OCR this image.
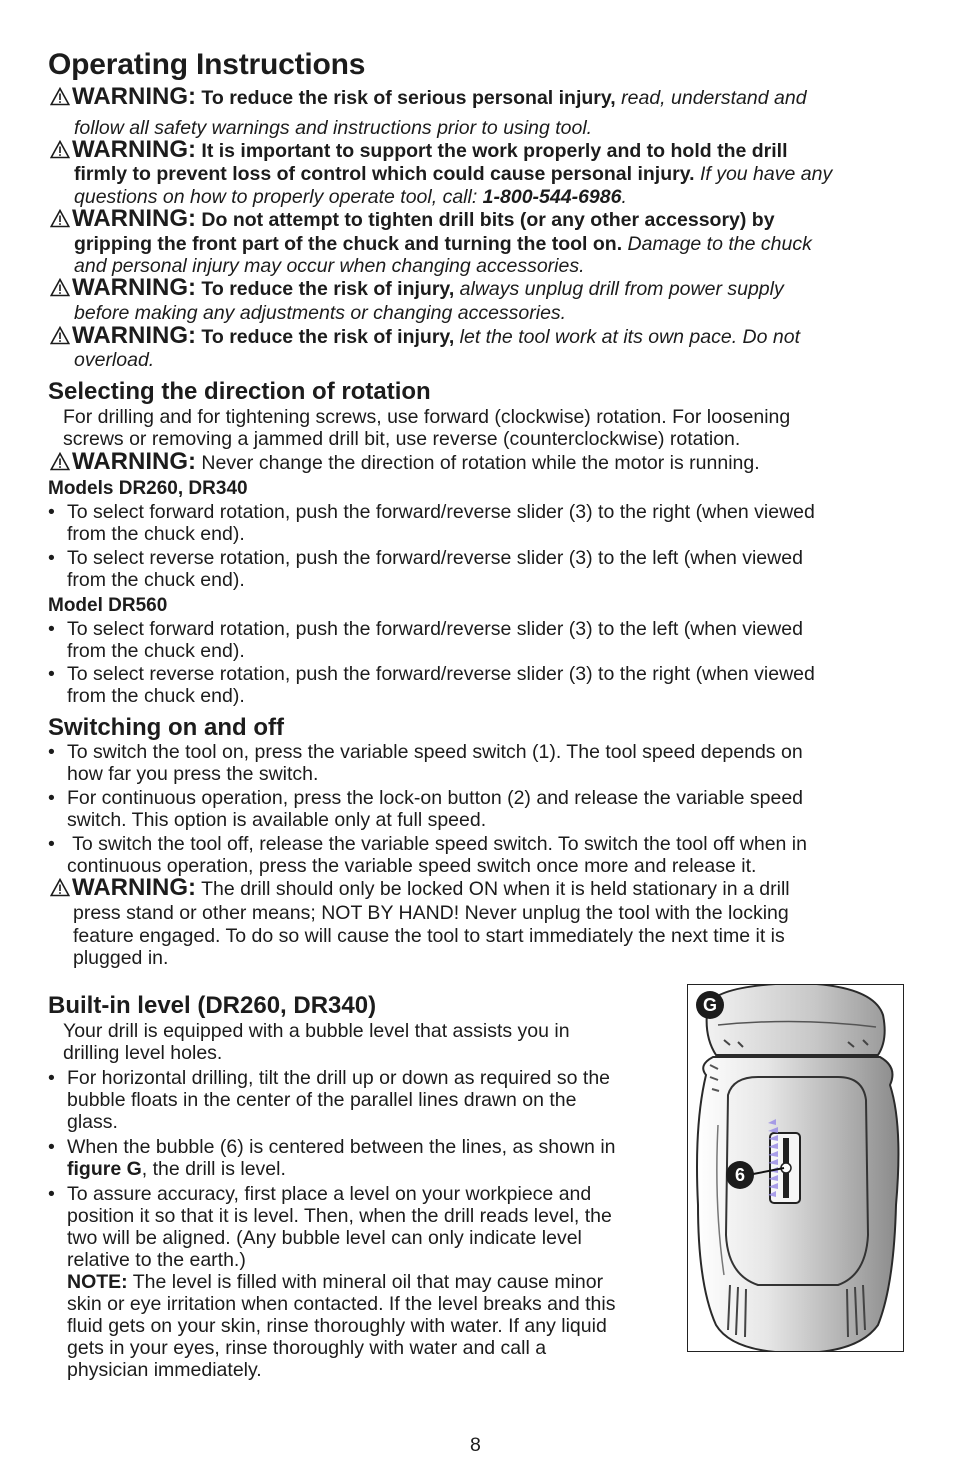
Operating Instructions
WARNING: To reduce the risk of serious personal injury, read, understand and
follow all safety warnings and instructions prior to using tool.
WARNING: It is important to support the work properly and to hold the drill
firmly to prevent loss of control which could cause personal injury. If you have any
questions on how to properly operate tool, call: 1-800-544-6986.
WARNING: Do not attempt to tighten drill bits (or any other accessory) by
gripping the front part of the chuck and turning the tool on. Damage to the chuck
and personal injury may occur when changing accessories.
WARNING: To reduce the risk of injury, always unplug drill from power supply
before making any adjustments or changing accessories.
WARNING: To reduce the risk of injury, let the tool work at its own pace. Do not
overload.
Selecting the direction of rotation
For drilling and for tightening screws, use forward (clockwise) rotation. For loosening
screws or removing a jammed drill bit, use reverse (counterclockwise) rotation.
WARNING: Never change the direction of rotation while the motor is running.
Models DR260, DR340
• To select forward rotation, push the forward/reverse slider (3) to the right (when viewed
from the chuck end).
• To select reverse rotation, push the forward/reverse slider (3) to the left (when viewed
from the chuck end).
Model DR560
• To select forward rotation, push the forward/reverse slider (3) to the left (when viewed
from the chuck end).
• To select reverse rotation, push the forward/reverse slider (3) to the right (when viewed
from the chuck end).
Switching on and off
• To switch the tool on, press the variable speed switch (1). The tool speed depends on
how far you press the switch.
• For continuous operation, press the lock-on button (2) and release the variable speed
switch. This option is available only at full speed.
• To switch the tool off, release the variable speed switch. To switch the tool off when in
continuous operation, press the variable speed switch once more and release it.
WARNING: The drill should only be locked ON when it is held stationary in a drill
press stand or other means; NOT BY HAND! Never unplug the tool with the locking
feature engaged. To do so will cause the tool to start immediately the next time it is
plugged in.
Built-in level (DR260, DR340)
Your drill is equipped with a bubble level that assists you in
drilling level holes.
• For horizontal drilling, tilt the drill up or down as required so the
bubble floats in the center of the parallel lines drawn on the
glass.
• When the bubble (6) is centered between the lines, as shown in
figure G, the drill is level.
• To assure accuracy, first place a level on your workpiece and
position it so that it is level. Then, when the drill reads level, the
two will be aligned. (Any bubble level can only indicate level
relative to the earth.)
NOTE: The level is filled with mineral oil that may cause minor
skin or eye irritation when contacted. If the level breaks and this
fluid gets on your skin, rinse thoroughly with water. If any liquid
gets in your eyes, rinse thoroughly with water and call a
physician immediately.
G
6
8
